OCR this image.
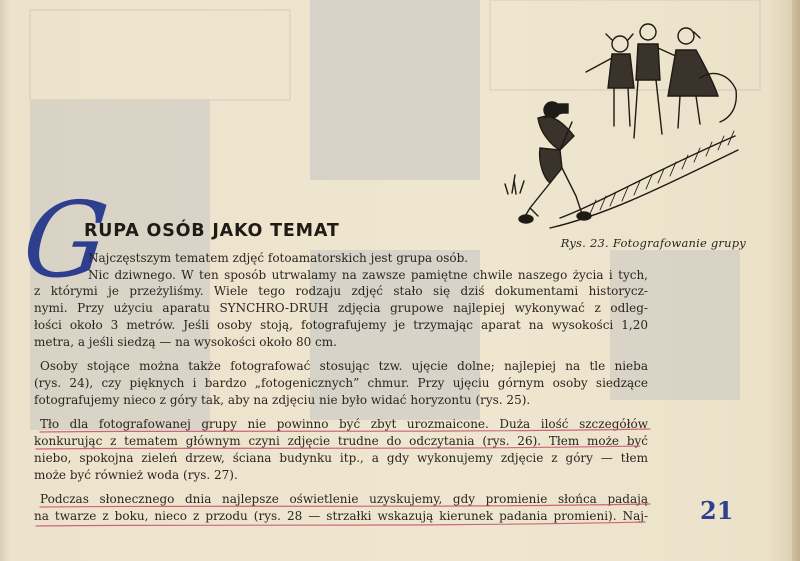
Rys. 23. Fotografowanie grupy
G
RUPA OSÓB JAKO TEMAT
Najczęstszym tematem zdjęć fotoamatorskich jest grupa osób.
Nic dziwnego. W ten sposób utrwalamy na zawsze pamiętne chwile naszego życia i tych,
z którymi je przeżyliśmy. Wiele tego rodzaju zdjęć stało się dziś dokumentami historycz-
nymi. Przy użyciu aparatu SYNCHRO-DRUH zdjęcia grupowe najlepiej wykonywać z odleg-
łości około 3 metrów. Jeśli osoby stoją, fotografujemy je trzymając aparat na wysokości 1,20
metra, a jeśli siedzą — na wysokości około 80 cm.
Osoby stojące można także fotografować stosując tzw. ujęcie dolne; najlepiej na tle nieba
(rys. 24), czy pięknych i bardzo „fotogenicznych” chmur. Przy ujęciu górnym osoby siedzące
fotografujemy nieco z góry tak, aby na zdjęciu nie było widać horyzontu (rys. 25).
Tło dla fotografowanej grupy nie powinno być zbyt urozmaicone. Duża ilość szczegółów
konkurując z tematem głównym czyni zdjęcie trudne do odczytania (rys. 26). Tłem może być
niebo, spokojna zieleń drzew, ściana budynku itp., a gdy wykonujemy zdjęcie z góry — tłem
może być również woda (rys. 27).
Podczas słonecznego dnia najlepsze oświetlenie uzyskujemy, gdy promienie słońca padają
na twarze z boku, nieco z przodu (rys. 28 — strzałki wskazują kierunek padania promieni). Naj- 21
